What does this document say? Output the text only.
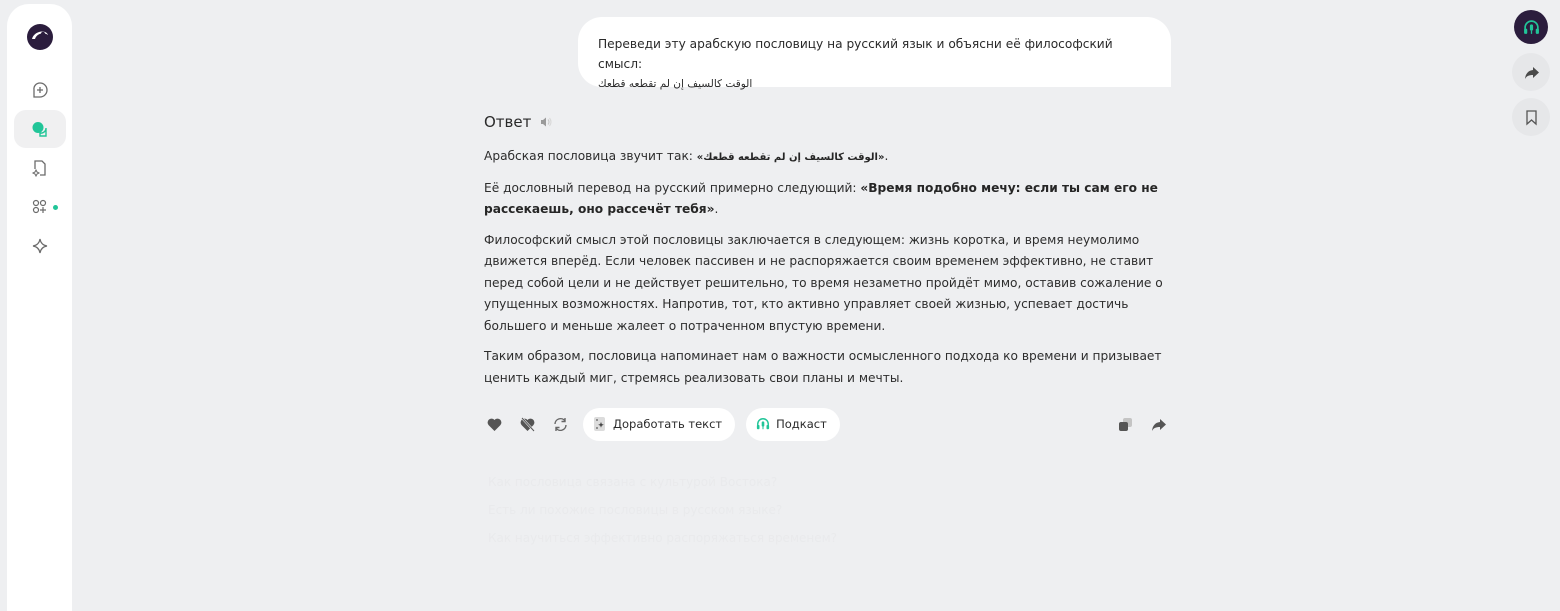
Переведи эту арабскую пословицу на русский язык и объясни её философский смысл:
الوقت كالسيف إن لم تقطعه قطعك
Ответ

Арабская пословица звучит так: «الوقت كالسيف إن لم تقطعه قطعك».

Её дословный перевод на русский примерно следующий: «Время подобно мечу: если ты сам его не рассекаешь, оно рассечёт тебя».

Философский смысл этой пословицы заключается в следующем: жизнь коротка, и время неумолимо движется вперёд. Если человек пассивен и не распоряжается своим временем эффективно, не ставит перед собой цели и не действует решительно, то время незаметно пройдёт мимо, оставив сожаление о упущенных возможностях. Напротив, тот, кто активно управляет своей жизнью, успевает достичь большего и меньше жалеет о потраченном впустую времени.

Таким образом, пословица напоминает нам о важности осмысленного подхода ко времени и призывает ценить каждый миг, стремясь реализовать свои планы и мечты.

Доработать текст	Подкаст
Как пословица связана с культурой Востока?
Есть ли похожие пословицы в русском языке?
Как научиться эффективно распоряжаться временем?
